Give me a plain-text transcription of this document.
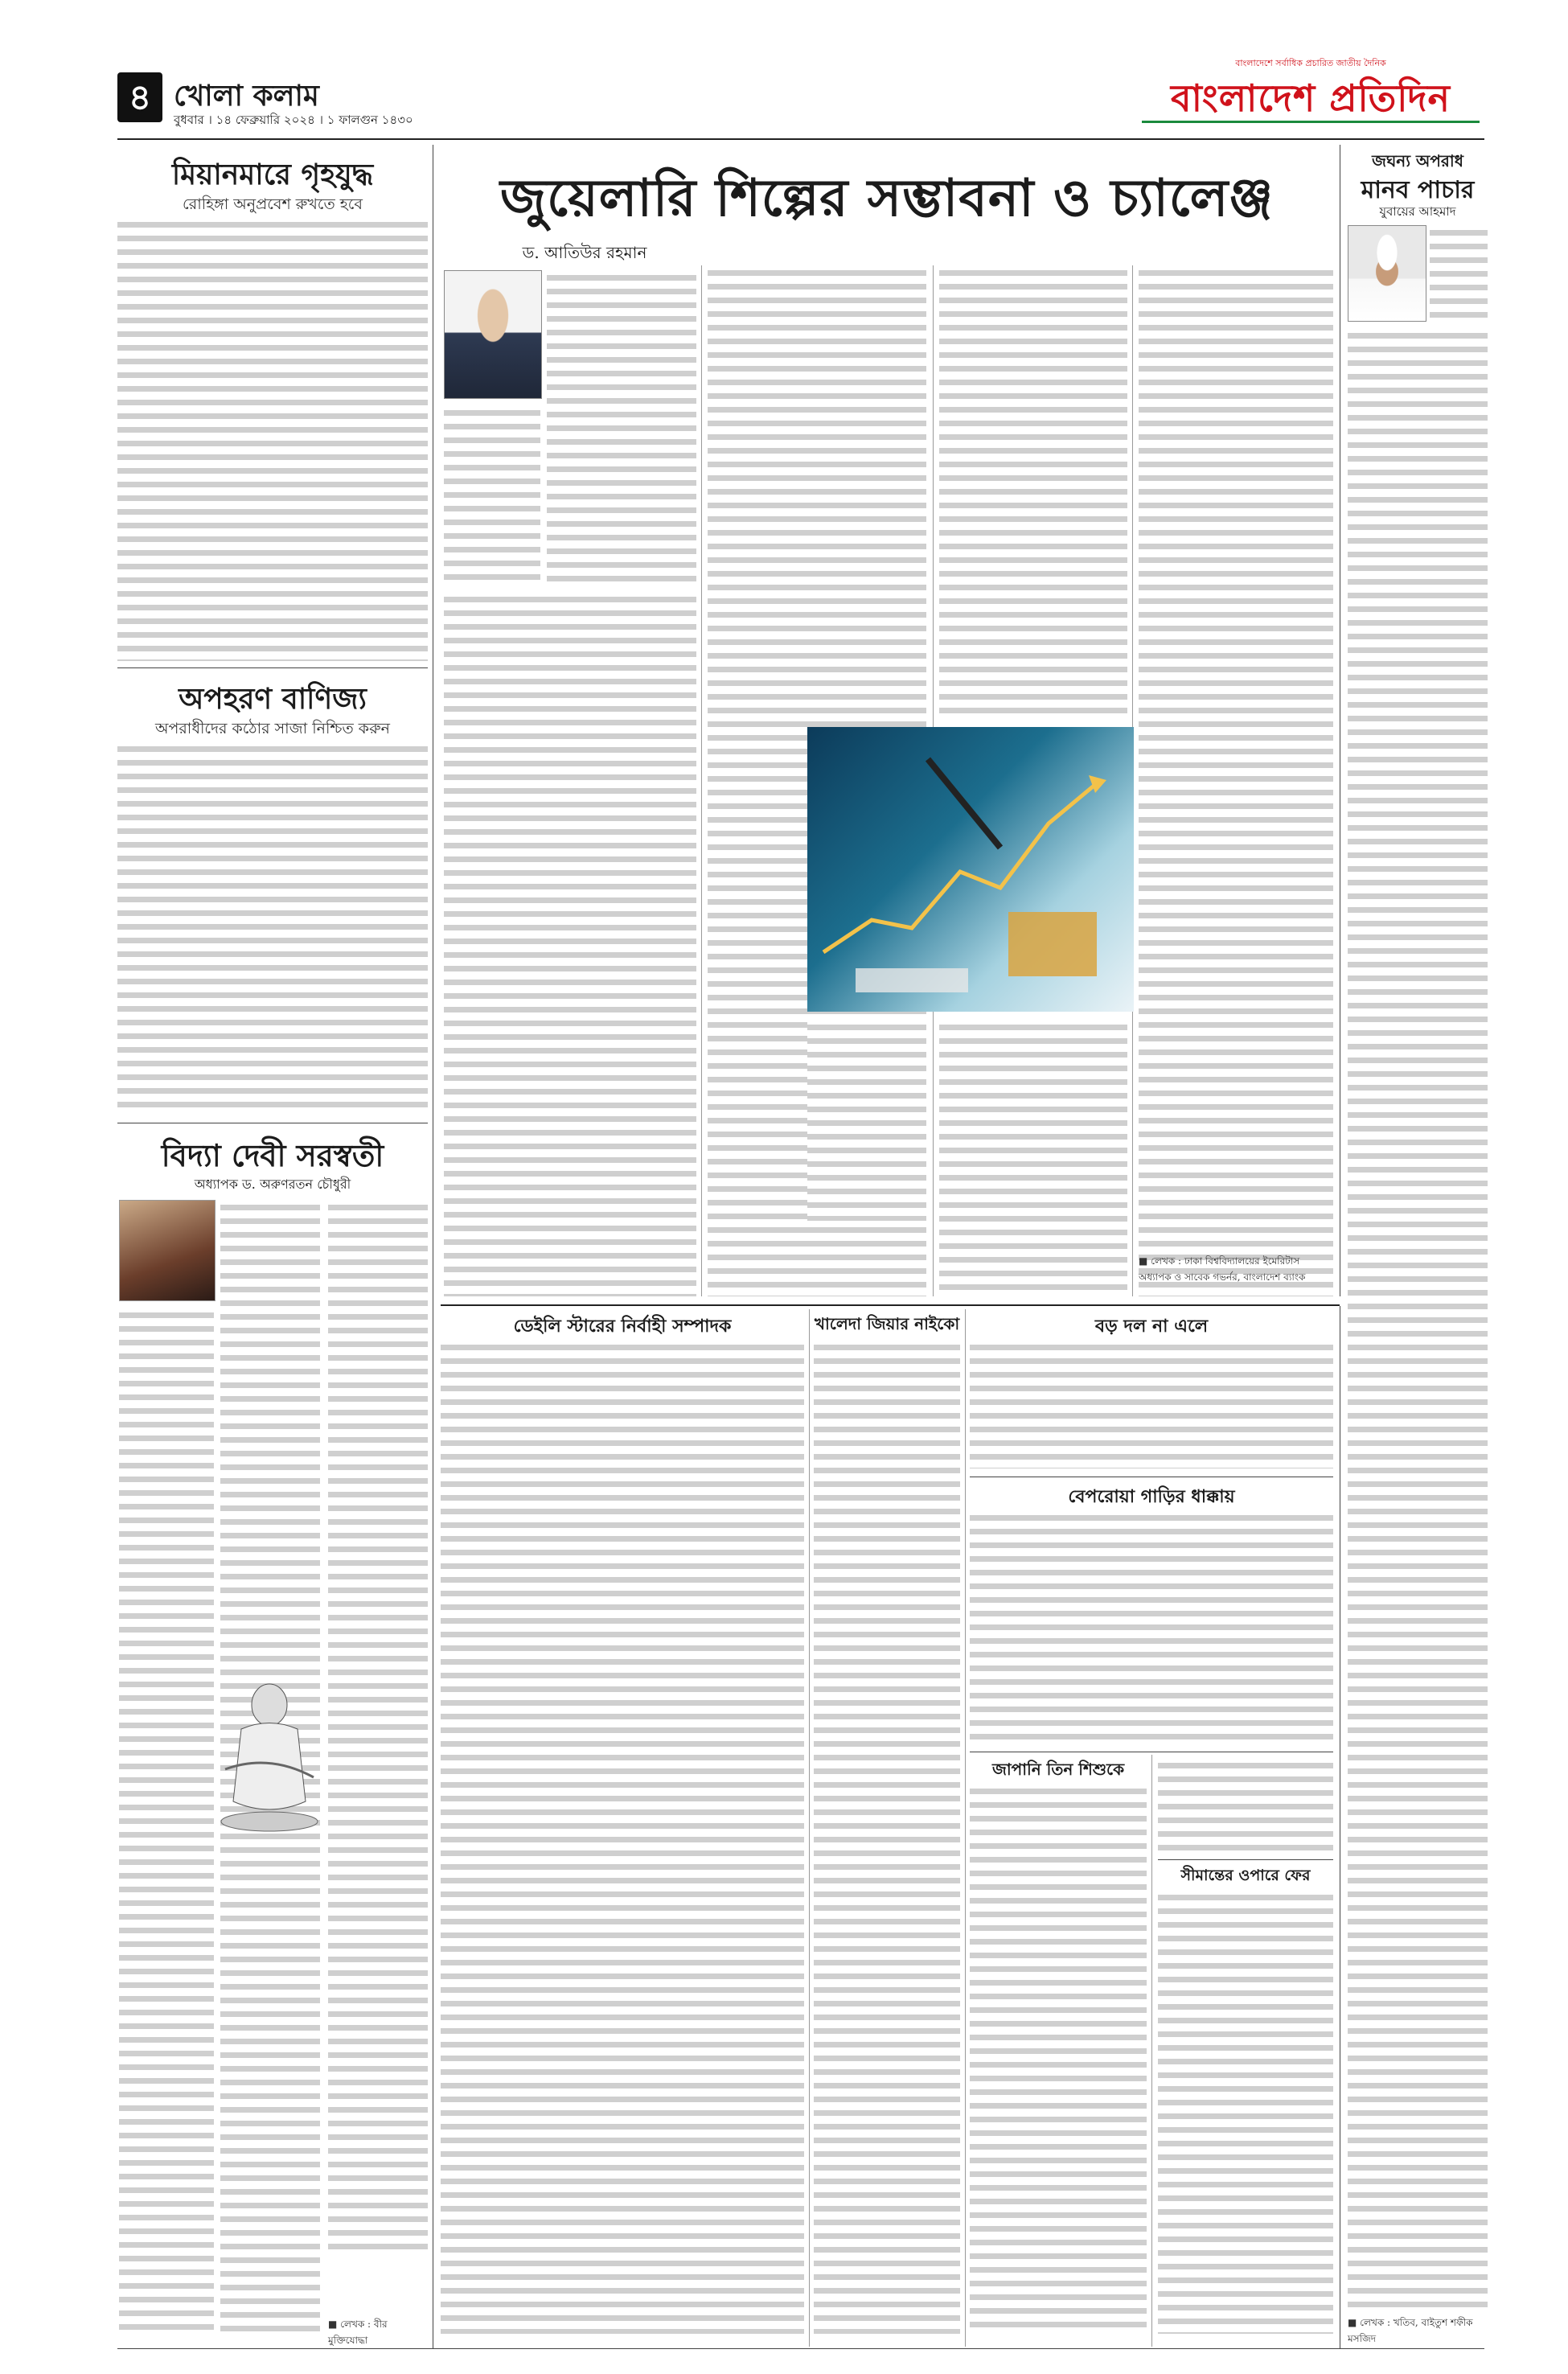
৪ খোলা কলাম
বুধবার । ১৪ ফেব্রুয়ারি ২০২৪ । ১ ফালগুন ১৪৩০
বাংলাদেশে সর্বাধিক প্রচারিত জাতীয় দৈনিক
বাংলাদেশ প্রতিদিন
মিয়ানমারে গৃহযুদ্ধ
রোহিঙ্গা অনুপ্রবেশ রুখতে হবে
অপহরণ বাণিজ্য
অপরাধীদের কঠোর সাজা নিশ্চিত করুন
বিদ্যা দেবী সরস্বতী
অধ্যাপক ড. অরুণরতন চৌধুরী
■ লেখক : বীর মুক্তিযোদ্ধা
জুয়েলারি শিল্পের সম্ভাবনা ও চ্যালেঞ্জ
ড. আতিউর রহমান
■ লেখক : ঢাকা বিশ্ববিদ্যালয়ের ইমেরিটাস অধ্যাপক ও সাবেক গভর্নর, বাংলাদেশ ব্যাংক
জঘন্য অপরাধ
মানব পাচার
যুবায়ের আহমাদ
■ লেখক : খতিব, বাইতুশ শফীক মসজিদ
ডেইলি স্টারের নির্বাহী সম্পাদক	খালেদা জিয়ার নাইকো	বড় দল না এলে
বেপরোয়া গাড়ির ধাক্কায়
জাপানি তিন শিশুকে
সীমান্তের ওপারে ফের
